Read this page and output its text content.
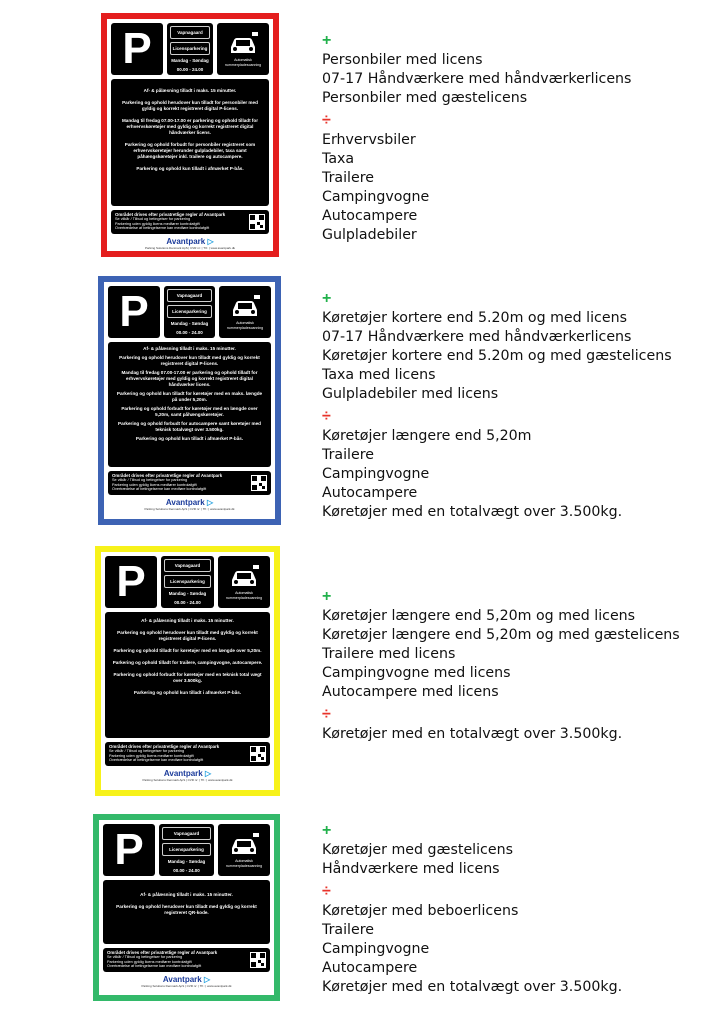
P	Vapnagaard
Licensparkering
Mandag - Søndag
00.00 - 24.00
Automatisk nummerpladescanning

Af- & pålæsning tilladt i maks. 15 minutter.

Parkering og ophold herudover kun tilladt for personbiler med gyldig og korrekt registreret digital P-licens.

Mandag til fredag 07.00-17.00 er parkering og ophold tilladt for erhvervskøretøjer med gyldig og korrekt registreret digital håndværker licens.

Parkering og ophold forbudt for personbiler registreret som erhvervskøretøjer herunder gulpladebiler, taxa samt påhængskøretøjer inkl. trailere og autocampere.

Parkering og ophold kun tilladt i afmærket P-bås.

Området drives efter privatretlige regler af Avantpark
Se vilkår / Tilbud og betingelser for parkering
Parkering uden gyldig licens medfører kontrolafgift
Overtrædelse af betingelserne kan medføre kontrolafgift
Avantpark ▷
Parking Solutions Denmark ApS | CVR nr: | Tlf.: | www.avantpark.dk
P	Vapnagaard
Licensparkering
Mandag - Søndag
00.00 - 24.00
Automatisk nummerpladescanning

Af- & pålæsning tilladt i maks. 15 minutter.

Parkering og ophold herudover kun tilladt med gyldig og korrekt registreret digital P-licens.

Mandag til fredag 07.00-17.00 er parkering og ophold tilladt for erhvervskøretøjer med gyldig og korrekt registreret digital håndværker licens.

Parkering og ophold kun tilladt for køretøjer med en maks. længde på under 5,20m.

Parkering og ophold forbudt for køretøjer med en længde over 5,20m, samt påhængskøretøjer.

Parkering og ophold forbudt for autocampere samt køretøjer med teknisk totalvægt over 3.500kg.

Parkering og ophold kun tilladt i afmærket P-bås.

Området drives efter privatretlige regler af Avantpark
Se vilkår / Tilbud og betingelser for parkering
Parkering uden gyldig licens medfører kontrolafgift
Overtrædelse af betingelserne kan medføre kontrolafgift
Avantpark ▷
Parking Solutions Denmark ApS | CVR nr: | Tlf.: | www.avantpark.dk
P	Vapnagaard
Licensparkering
Mandag - Søndag
00.00 - 24.00
Automatisk nummerpladescanning

Af- & pålæsning tilladt i maks. 15 minutter.

Parkering og ophold herudover kun tilladt med gyldig og korrekt registreret digital P-licens.

Parkering og ophold tilladt for køretøjer med en længde over 5,20m.

Parkering og ophold tilladt for trailere, campingvogne, autocampere.

Parkering og ophold forbudt for køretøjer med en teknisk total vægt over 3.500kg.

Parkering og ophold kun tilladt i afmærket P-bås.

Området drives efter privatretlige regler af Avantpark
Se vilkår / Tilbud og betingelser for parkering
Parkering uden gyldig licens medfører kontrolafgift
Overtrædelse af betingelserne kan medføre kontrolafgift
Avantpark ▷
Parking Solutions Denmark ApS | CVR nr: | Tlf.: | www.avantpark.dk
P	Vapnagaard
Licensparkering
Mandag - Søndag
00.00 - 24.00
Automatisk nummerpladescanning

Af- & pålæsning tilladt i maks. 15 minutter.

Parkering og ophold herudover kun tilladt med gyldig og korrekt registreret QR-kode.

Området drives efter privatretlige regler af Avantpark
Se vilkår / Tilbud og betingelser for parkering
Parkering uden gyldig licens medfører kontrolafgift
Overtrædelse af betingelserne kan medføre kontrolafgift
Avantpark ▷
Parking Solutions Denmark ApS | CVR nr: | Tlf.: | www.avantpark.dk
+
Personbiler med licens
07-17 Håndværkere med håndværkerlicens
Personbiler med gæstelicens
÷
Erhvervsbiler
Taxa
Trailere
Campingvogne
Autocampere
Gulpladebiler
+
Køretøjer kortere end 5.20m og med licens
07-17 Håndværkere med håndværkerlicens
Køretøjer kortere end 5.20m og med gæstelicens
Taxa med licens
Gulpladebiler med licens
÷
Køretøjer længere end 5,20m
Trailere
Campingvogne
Autocampere
Køretøjer med en totalvægt over 3.500kg.
+
Køretøjer længere end 5,20m og med licens
Køretøjer længere end 5,20m og med gæstelicens
Trailere med licens
Campingvogne med licens
Autocampere med licens
÷
Køretøjer med en totalvægt over 3.500kg.
+
Køretøjer med gæstelicens
Håndværkere med licens
÷
Køretøjer med beboerlicens
Trailere
Campingvogne
Autocampere
Køretøjer med en totalvægt over 3.500kg.
